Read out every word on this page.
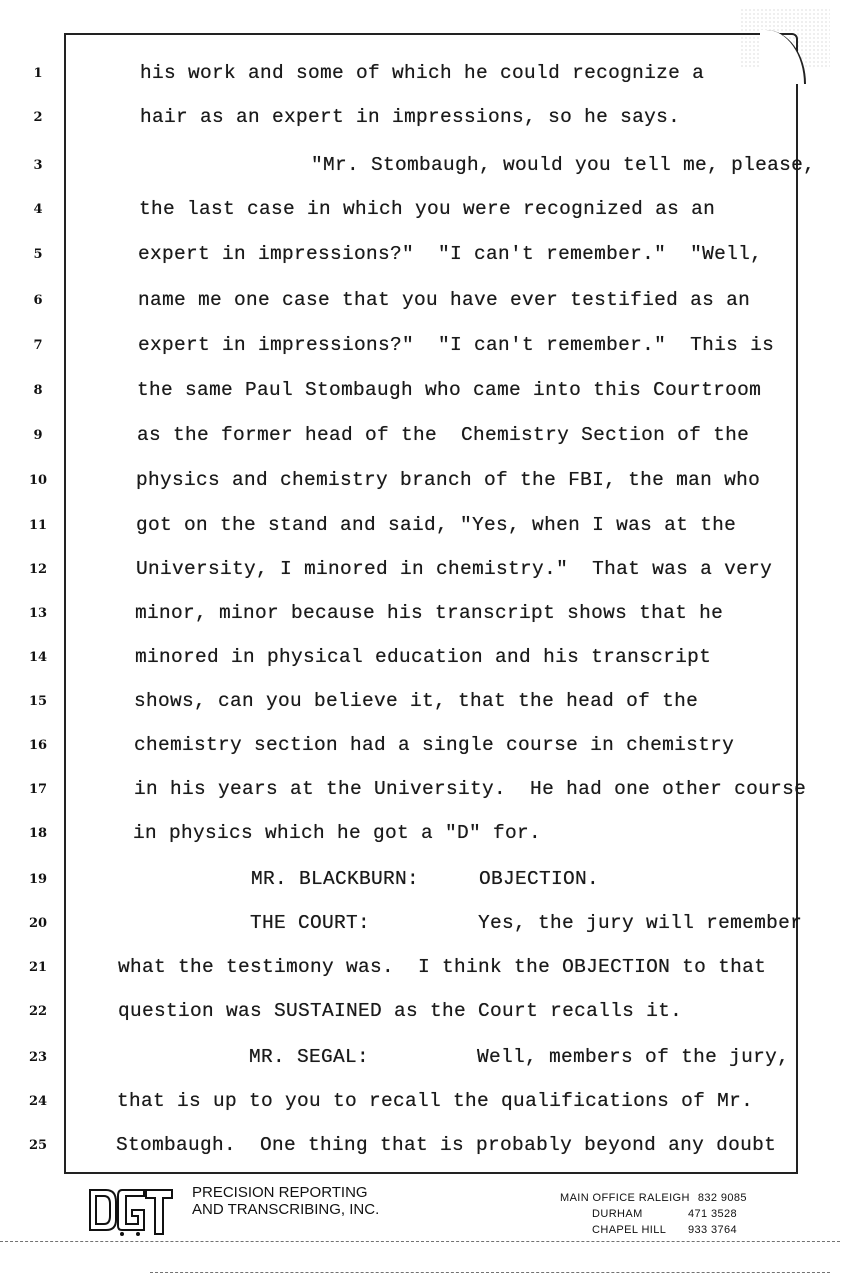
1	his work and some of which he could recognize a
2	hair as an expert in impressions, so he says.
3	"Mr. Stombaugh, would you tell me, please,
4	the last case in which you were recognized as an
5	expert in impressions?"  "I can't remember."  "Well,
6	name me one case that you have ever testified as an
7	expert in impressions?"  "I can't remember."  This is
8	the same Paul Stombaugh who came into this Courtroom
9	as the former head of the  Chemistry Section of the
10	physics and chemistry branch of the FBI, the man who
11	got on the stand and said, "Yes, when I was at the
12	University, I minored in chemistry."  That was a very
13	minor, minor because his transcript shows that he
14	minored in physical education and his transcript
15	shows, can you believe it, that the head of the
16	chemistry section had a single course in chemistry
17	in his years at the University.  He had one other course
18	in physics which he got a "D" for.
19	MR. BLACKBURN:     OBJECTION.
20	THE COURT:         Yes, the jury will remember
21	what the testimony was.  I think the OBJECTION to that
22	question was SUSTAINED as the Court recalls it.
23	MR. SEGAL:         Well, members of the jury,
24	that is up to you to recall the qualifications of Mr.
25	Stombaugh.  One thing that is probably beyond any doubt
PRECISION REPORTING
AND TRANSCRIBING, INC.
MAIN OFFICE RALEIGH 832 9085
DURHAM	471 3528
CHAPEL HILL	933 3764
